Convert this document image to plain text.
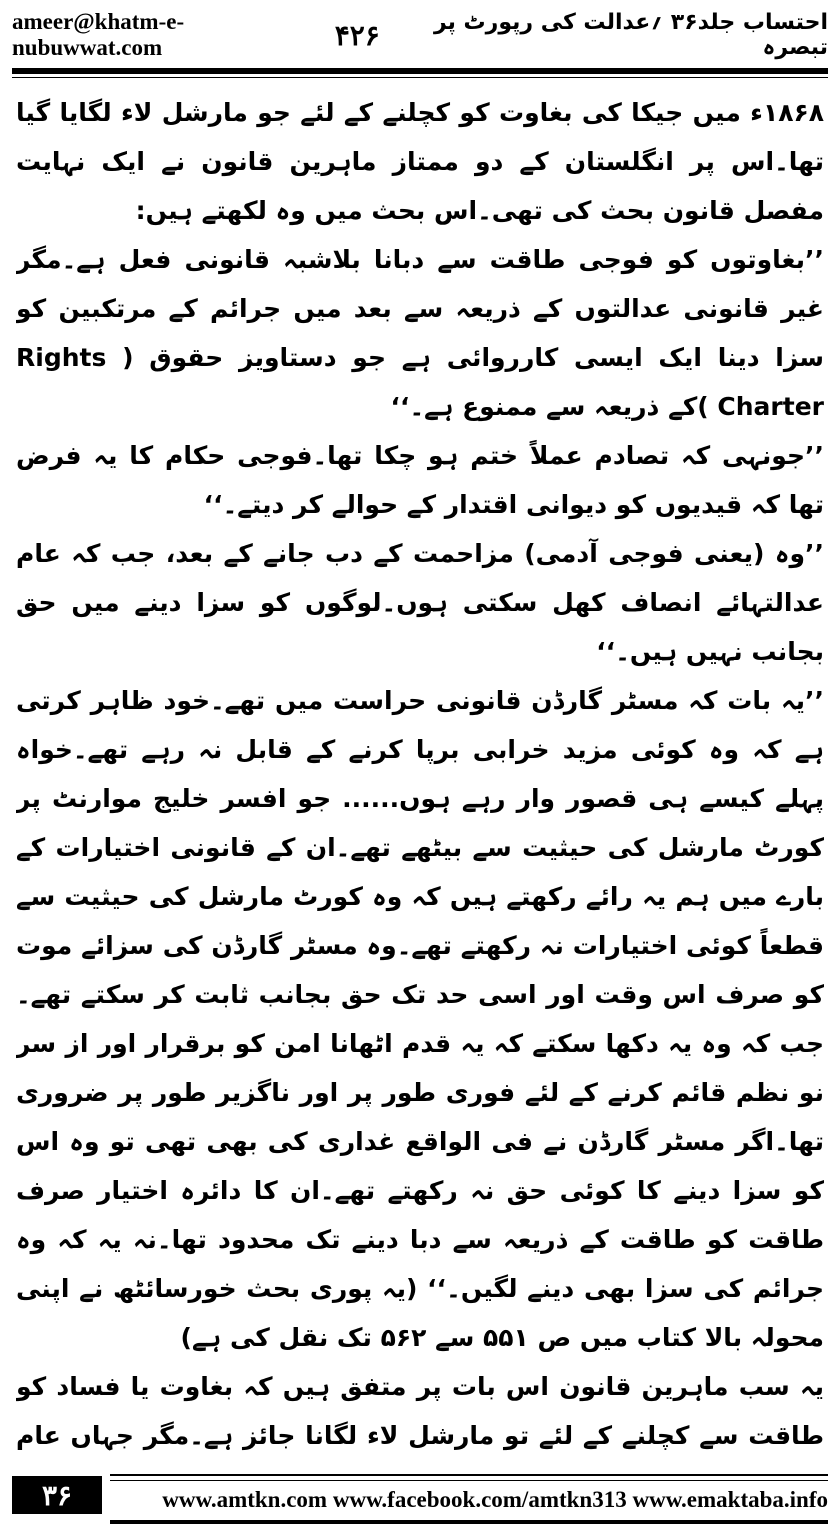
ameer@khatm-e-nubuwwat.com	۴۲۶	احتساب جلد۳۶ ؍عدالت کی رپورٹ پر تبصرہ

۱۸۶۸ء میں جیکا کی بغاوت کو کچلنے کے لئے جو مارشل لاء لگایا گیا تھا۔اس پر انگلستان کے دو ممتاز ماہرین قانون نے ایک نہایت مفصل قانون بحث کی تھی۔اس بحث میں وہ لکھتے ہیں:

’’بغاوتوں کو فوجی طاقت سے دبانا بلاشبہ قانونی فعل ہے۔مگر غیر قانونی عدالتوں کے ذریعہ سے بعد میں جرائم کے مرتکبین کو سزا دینا ایک ایسی کارروائی ہے جو دستاویز حقوق ( Rights Charter )کے ذریعہ سے ممنوع ہے۔‘‘

’’جونہی کہ تصادم عملاً ختم ہو چکا تھا۔فوجی حکام کا یہ فرض تھا کہ قیدیوں کو دیوانی اقتدار کے حوالے کر دیتے۔‘‘

’’وہ (یعنی فوجی آدمی) مزاحمت کے دب جانے کے بعد، جب کہ عام عدالتہائے انصاف کھل سکتی ہوں۔لوگوں کو سزا دینے میں حق بجانب نہیں ہیں۔‘‘

’’یہ بات کہ مسٹر گارڈن قانونی حراست میں تھے۔خود ظاہر کرتی ہے کہ وہ کوئی مزید خرابی برپا کرنے کے قابل نہ رہے تھے۔خواہ پہلے کیسے ہی قصور وار رہے ہوں...... جو افسر خلیج موارنٹ پر کورٹ مارشل کی حیثیت سے بیٹھے تھے۔ان کے قانونی اختیارات کے بارے میں ہم یہ رائے رکھتے ہیں کہ وہ کورٹ مارشل کی حیثیت سے قطعاً کوئی اختیارات نہ رکھتے تھے۔وہ مسٹر گارڈن کی سزائے موت کو صرف اس وقت اور اسی حد تک حق بجانب ثابت کر سکتے تھے۔جب کہ وہ یہ دکھا سکتے کہ یہ قدم اٹھانا امن کو برقرار اور از سر نو نظم قائم کرنے کے لئے فوری طور پر اور ناگزیر طور پر ضروری تھا۔اگر مسٹر گارڈن نے فی الواقع غداری کی بھی تھی تو وہ اس کو سزا دینے کا کوئی حق نہ رکھتے تھے۔ان کا دائرہ اختیار صرف طاقت کو طاقت کے ذریعہ سے دبا دینے تک محدود تھا۔نہ یہ کہ وہ جرائم کی سزا بھی دینے لگیں۔‘‘ (یہ پوری بحث خورسائٹھ نے اپنی محولہ بالا کتاب میں ص ۵۵۱ سے ۵۶۲ تک نقل کی ہے)

یہ سب ماہرین قانون اس بات پر متفق ہیں کہ بغاوت یا فساد کو طاقت سے کچلنے کے لئے تو مارشل لاء لگانا جائز ہے۔مگر جہاں عام

۳۶	www.amtkn.com www.facebook.com/amtkn313 www.emaktaba.info
